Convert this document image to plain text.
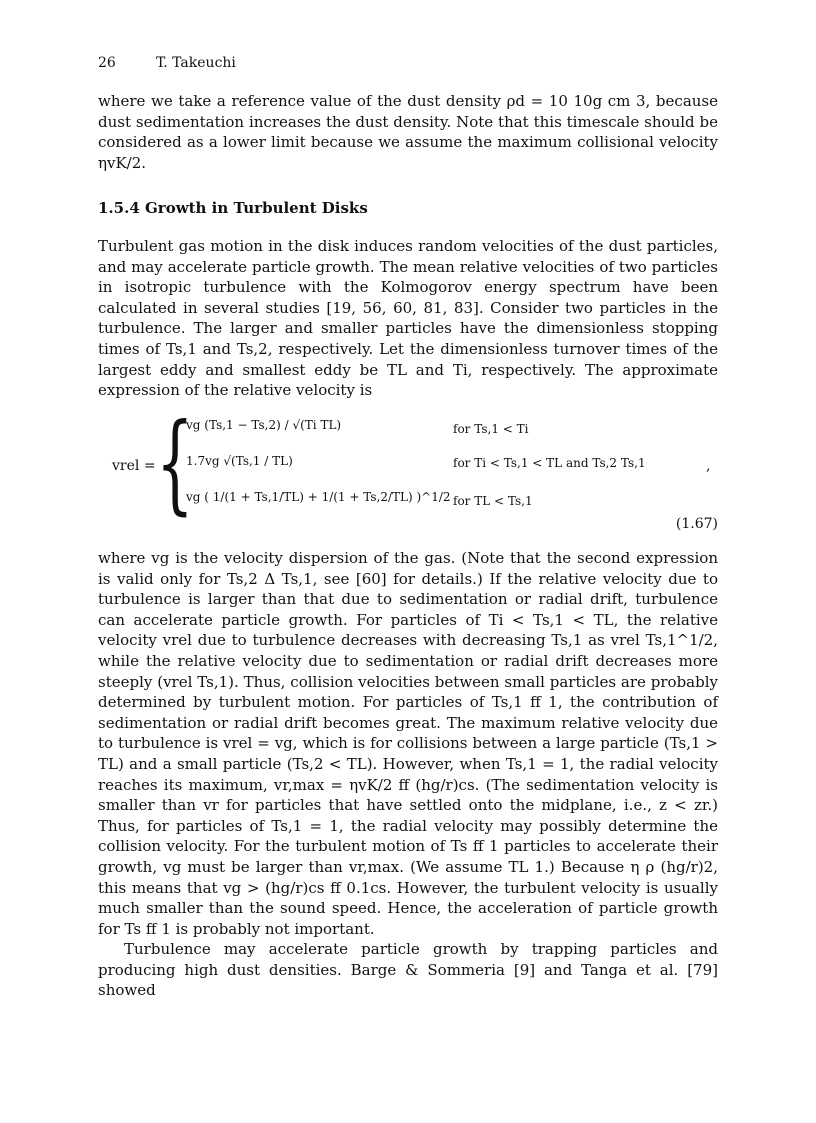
26	T. Takeuchi

where we take a reference value of the dust density ρd = 10 10g cm 3, because dust sedimentation increases the dust density. Note that this timescale should be considered as a lower limit because we assume the maximum collisional velocity ηvK/2.

1.5.4 Growth in Turbulent Disks

Turbulent gas motion in the disk induces random velocities of the dust particles, and may accelerate particle growth. The mean relative velocities of two particles in isotropic turbulence with the Kolmogorov energy spectrum have been calculated in several studies [19, 56, 60, 81, 83]. Consider two particles in the turbulence. The larger and smaller particles have the dimensionless stopping times of Ts,1 and Ts,2, respectively. Let the dimensionless turnover times of the largest eddy and smallest eddy be TL and Ti, respectively. The approximate expression of the relative velocity is

vrel = {
vg (Ts,1 − Ts,2) / √(Ti TL)	for Ts,1 < Ti
1.7vg √(Ts,1 / TL)	for Ti < Ts,1 < TL and Ts,2 Ts,1
vg ( 1/(1 + Ts,1/TL) + 1/(1 + Ts,2/TL) )^1/2 for TL < Ts,1
,
(1.67)

where vg is the velocity dispersion of the gas. (Note that the second expression is valid only for Ts,2 Δ Ts,1, see [60] for details.) If the relative velocity due to turbulence is larger than that due to sedimentation or radial drift, turbulence can accelerate particle growth. For particles of Ti < Ts,1 < TL, the relative velocity vrel due to turbulence decreases with decreasing Ts,1 as vrel Ts,1^1/2, while the relative velocity due to sedimentation or radial drift decreases more steeply (vrel Ts,1). Thus, collision velocities between small particles are probably determined by turbulent motion. For particles of Ts,1 ff 1, the contribution of sedimentation or radial drift becomes great. The maximum relative velocity due to turbulence is vrel = vg, which is for collisions between a large particle (Ts,1 > TL) and a small particle (Ts,2 < TL). However, when Ts,1 = 1, the radial velocity reaches its maximum, vr,max = ηvK/2 ff (hg/r)cs. (The sedimentation velocity is smaller than vr for particles that have settled onto the midplane, i.e., z < zr.) Thus, for particles of Ts,1 = 1, the radial velocity may possibly determine the collision velocity. For the turbulent motion of Ts ff 1 particles to accelerate their growth, vg must be larger than vr,max. (We assume TL 1.) Because η ρ (hg/r)2, this means that vg > (hg/r)cs ff 0.1cs. However, the turbulent velocity is usually much smaller than the sound speed. Hence, the acceleration of particle growth for Ts ff 1 is probably not important.

Turbulence may accelerate particle growth by trapping particles and producing high dust densities. Barge & Sommeria [9] and Tanga et al. [79] showed
